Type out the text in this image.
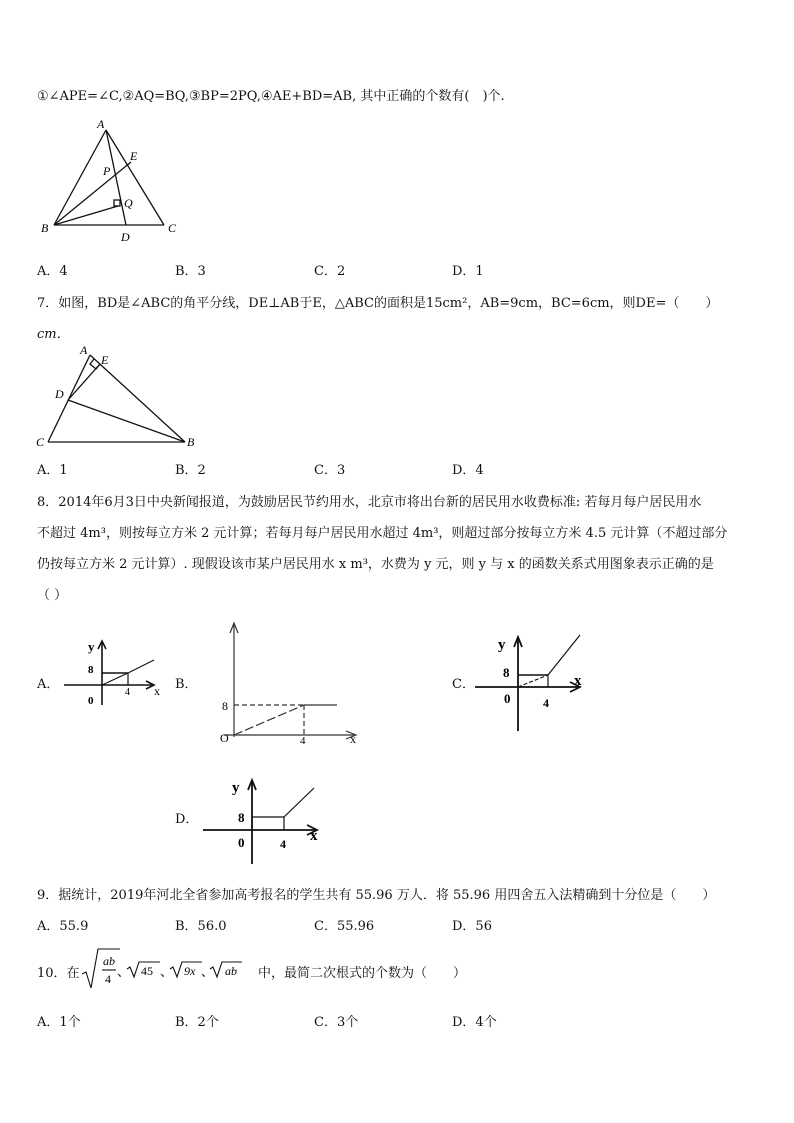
①∠APE=∠C,②AQ=BQ,③BP=2PQ,④AE+BD=AB, 其中正确的个数有(　)个.
A
E
P
Q
B
D
C
A．4	B．3	C．2	D．1
7．如图，BD是∠ABC的角平分线，DE⊥AB于E，△ABC的面积是15cm²，AB=9cm，BC=6cm，则DE=（　　）
cm．
A
E
D
C	B
A．1	B．2	C．3	D．4
8．2014年6月3日中央新闻报道，为鼓励居民节约用水，北京市将出台新的居民用水收费标准: 若每月每户居民用水
不超过 4m³，则按每立方米 2 元计算；若每月每户居民用水超过 4m³，则超过部分按每立方米 4.5 元计算（不超过部分
仍按每立方米 2 元计算）. 现假设该市某户居民用水 x m³，水费为 y 元，则 y 与 x 的函数关系式用图象表示正确的是
（ ）
A．	B．	C．
D．
y
8
0
4 x
8
O	4	x
y
8
0	4
x
y
8
0	4 x
9．据统计，2019年河北全省参加高考报名的学生共有 55.96 万人．将 55.96 用四舍五入法精确到十分位是（　　）
A．55.9	B．56.0	C．55.96	D．56
10．在
ab
4 、 45 、 9x 、 ab 中，最简二次根式的个数为（　　）
A．1个	B．2个	C．3个	D．4个
